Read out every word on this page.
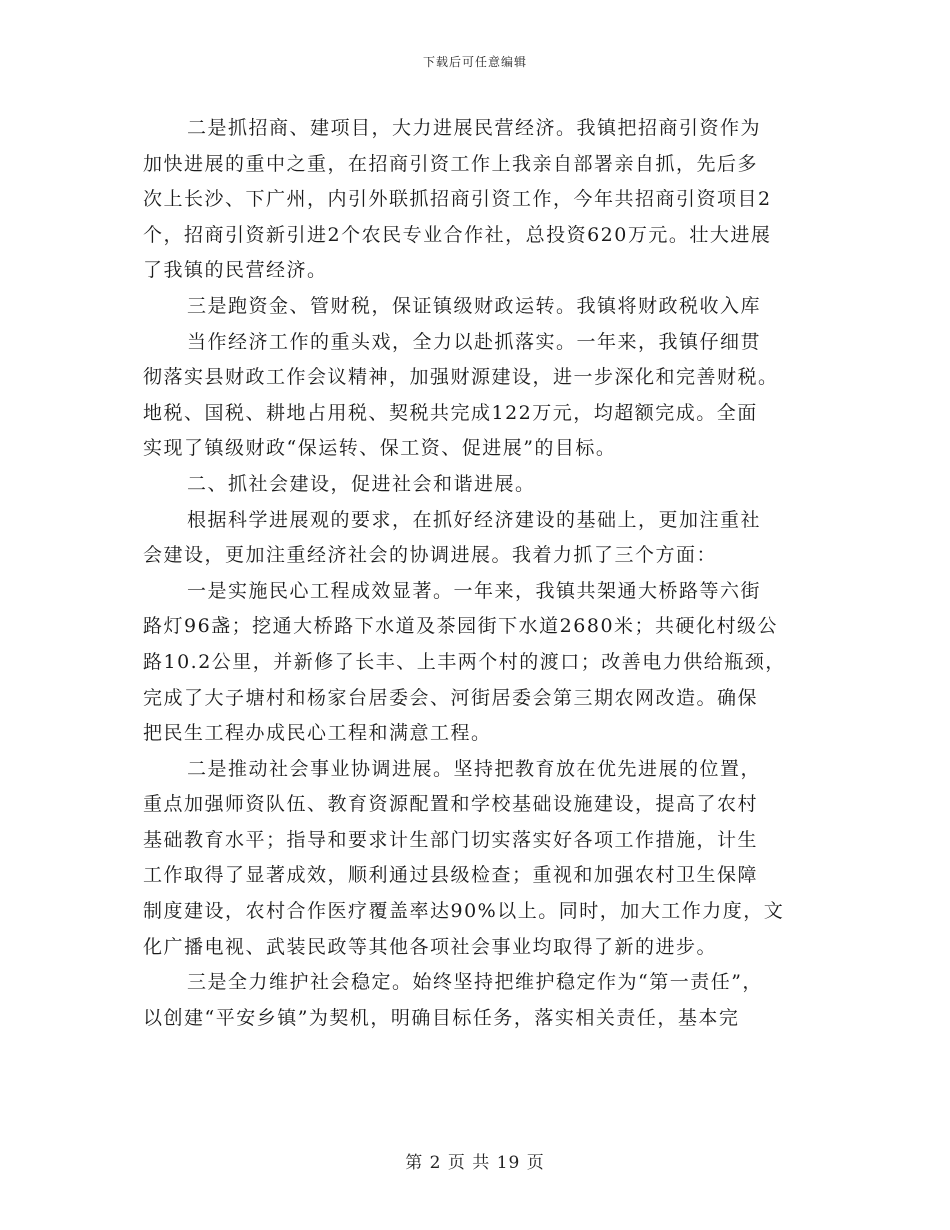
下载后可任意编辑
二是抓招商、建项目，大力进展民营经济。我镇把招商引资作为
加快进展的重中之重，在招商引资工作上我亲自部署亲自抓，先后多
次上长沙、下广州，内引外联抓招商引资工作，今年共招商引资项目2
个，招商引资新引进2个农民专业合作社，总投资620万元。壮大进展
了我镇的民营经济。
三是跑资金、管财税，保证镇级财政运转。我镇将财政税收入库
当作经济工作的重头戏，全力以赴抓落实。一年来，我镇仔细贯
彻落实县财政工作会议精神，加强财源建设，进一步深化和完善财税。
地税、国税、耕地占用税、契税共完成122万元，均超额完成。全面
实现了镇级财政“保运转、保工资、促进展”的目标。
二、抓社会建设，促进社会和谐进展。
根据科学进展观的要求，在抓好经济建设的基础上，更加注重社
会建设，更加注重经济社会的协调进展。我着力抓了三个方面：
一是实施民心工程成效显著。一年来，我镇共架通大桥路等六街
路灯96盏；挖通大桥路下水道及茶园街下水道2680米；共硬化村级公
路10.2公里，并新修了长丰、上丰两个村的渡口；改善电力供给瓶颈，
完成了大子塘村和杨家台居委会、河街居委会第三期农网改造。确保
把民生工程办成民心工程和满意工程。
二是推动社会事业协调进展。坚持把教育放在优先进展的位置，
重点加强师资队伍、教育资源配置和学校基础设施建设，提高了农村
基础教育水平；指导和要求计生部门切实落实好各项工作措施，计生
工作取得了显著成效，顺利通过县级检查；重视和加强农村卫生保障
制度建设，农村合作医疗覆盖率达90%以上。同时，加大工作力度，文
化广播电视、武装民政等其他各项社会事业均取得了新的进步。
三是全力维护社会稳定。始终坚持把维护稳定作为“第一责任”，
以创建“平安乡镇”为契机，明确目标任务，落实相关责任，基本完
第 2 页 共 19 页
